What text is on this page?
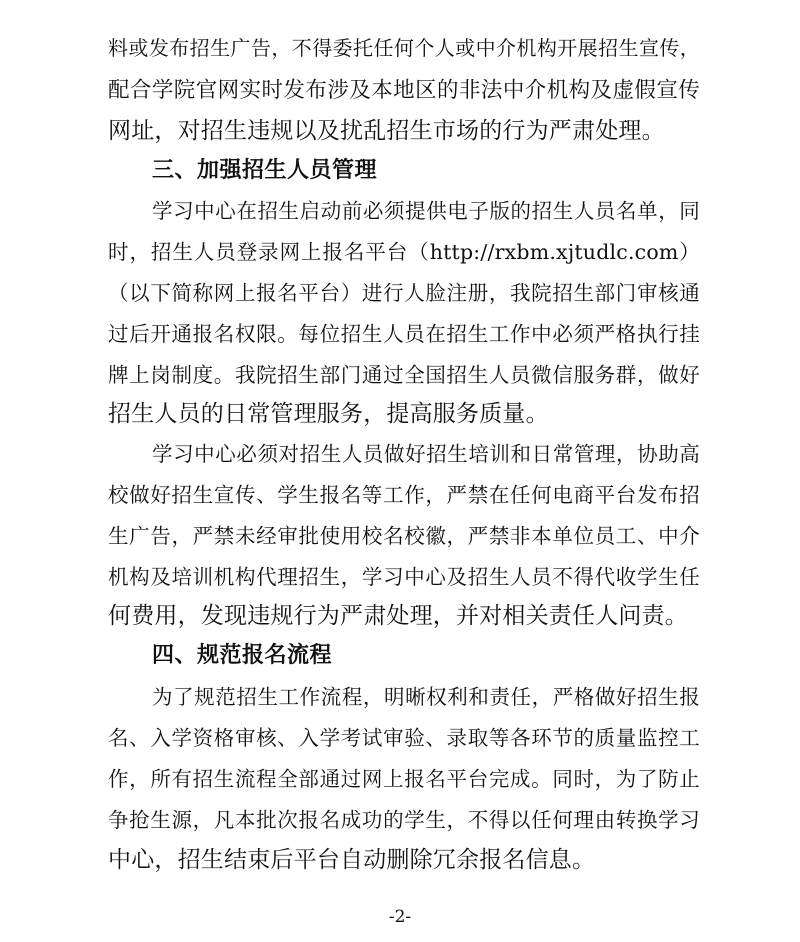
料或发布招生广告，不得委托任何个人或中介机构开展招生宣传，
配合学院官网实时发布涉及本地区的非法中介机构及虚假宣传
网址，对招生违规以及扰乱招生市场的行为严肃处理。
三、加强招生人员管理
学习中心在招生启动前必须提供电子版的招生人员名单，同
时，招生人员登录网上报名平台（http://rxbm.xjtudlc.com）
（以下简称网上报名平台）进行人脸注册，我院招生部门审核通
过后开通报名权限。每位招生人员在招生工作中必须严格执行挂
牌上岗制度。我院招生部门通过全国招生人员微信服务群，做好
招生人员的日常管理服务，提高服务质量。
学习中心必须对招生人员做好招生培训和日常管理，协助高
校做好招生宣传、学生报名等工作，严禁在任何电商平台发布招
生广告，严禁未经审批使用校名校徽，严禁非本单位员工、中介
机构及培训机构代理招生，学习中心及招生人员不得代收学生任
何费用，发现违规行为严肃处理，并对相关责任人问责。
四、规范报名流程
为了规范招生工作流程，明晰权利和责任，严格做好招生报
名、入学资格审核、入学考试审验、录取等各环节的质量监控工
作，所有招生流程全部通过网上报名平台完成。同时，为了防止
争抢生源，凡本批次报名成功的学生，不得以任何理由转换学习
中心，招生结束后平台自动删除冗余报名信息。
-2-
